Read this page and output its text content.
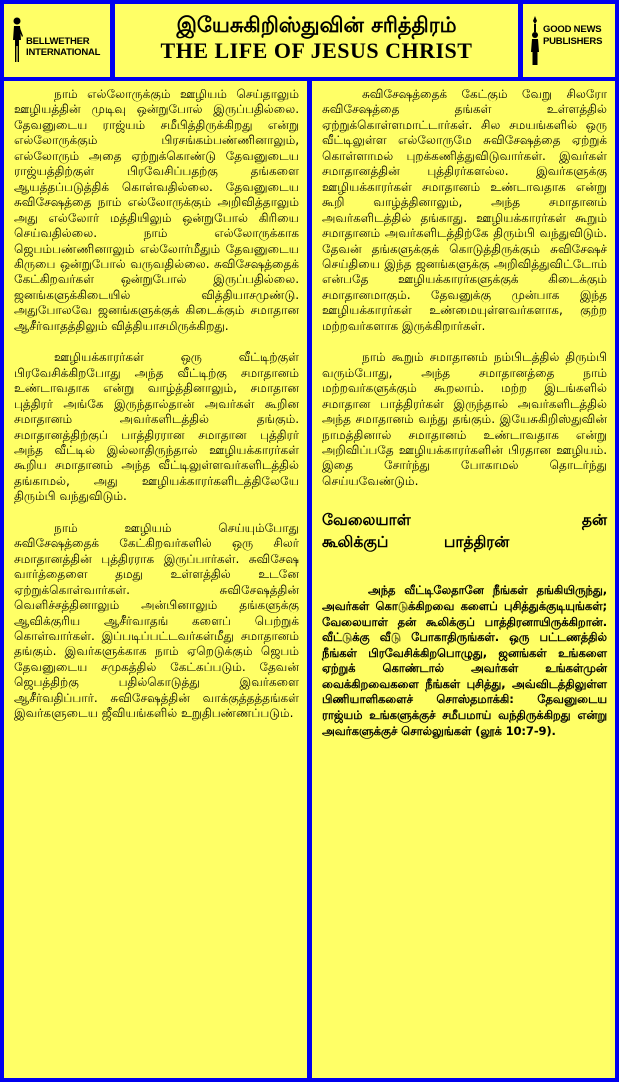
BELLWETHER
INTERNATIONAL
இயேசுகிறிஸ்துவின் சரித்திரம்
THE LIFE OF JESUS CHRIST
GOOD NEWS
PUBLISHERS

நாம் எல்லோருக்கும் ஊழியம் செய்தாலும் ஊழியத்தின் முடிவு ஒன்றுபோல் இருப்பதில்லை. தேவனுடைய ராஜ்யம் சமீபித்திருக்கிறது என்று எல்லோருக்கும் பிரசங்கம்பண்ணினாலும், எல்லோரும் அதை ஏற்றுக்கொண்டு தேவனுடைய ராஜ்யத்திற்குள் பிரவேசிப்பதற்கு தங்களை ஆயத்தப்படுத்திக் கொள்வதில்லை. தேவனுடைய சுவிசேஷத்தை நாம் எல்லோருக்கும் அறிவித்தாலும் அது எல்லோர் மத்தியிலும் ஒன்றுபோல் கிரியை செய்வதில்லை. நாம் எல்லோருக்காக ஜெபம்பண்ணினாலும் எல்லோர்மீதும் தேவனுடைய கிருபை ஒன்றுபோல் வருவதில்லை. சுவிசேஷத்தைக் கேட்கிறவர்கள் ஒன்றுபோல் இருப்பதில்லை. ஜனங்களுக்கிடையில் வித்தியாசமுண்டு. அதுபோலவே ஜனங்களுக்குக் கிடைக்கும் சமாதான ஆசீர்வாதத்திலும் வித்தியாசமிருக்கிறது.

ஊழியக்காரர்கள் ஒரு வீட்டிற்குள் பிரவேசிக்கிறபோது அந்த வீட்டிற்கு சமாதானம் உண்டாவதாக என்று வாழ்த்தினாலும், சமாதான புத்திரர் அங்கே இருந்தால்தான் அவர்கள் கூறின சமாதானம் அவர்களிடத்தில் தங்கும். சமாதானத்திற்குப் பாத்திரரான சமாதான புத்திரர் அந்த வீட்டில் இல்லாதிருந்தால் ஊழியக்காரர்கள் கூறிய சமாதானம் அந்த வீட்டிலுள்ளவர்களிடத்தில் தங்காமல், அது ஊழியக்காரர்களிடத்திலேயே திரும்பி வந்துவிடும்.

நாம் ஊழியம் செய்யும்போது சுவிசேஷத்தைக் கேட்கிறவர்களில் ஒரு சிலர் சமாதானத்தின் புத்திரராக இருப்பார்கள். சுவிசேஷ வார்த்தைளை தமது உள்ளத்தில் உடனே ஏற்றுக்கொள்வார்கள். சுவிசேஷத்தின் வெளிச்சத்தினாலும் அன்பினாலும் தங்களுக்கு ஆவிக்குரிய ஆசீர்வாதங் களைப் பெற்றுக் கொள்வார்கள். இப்படிப்பட்டவர்கள்மீது சமாதானம் தங்கும். இவர்களுக்காக நாம் ஏறெடுக்கும் ஜெபம் தேவனுடைய சமுகத்தில் கேட்கப்படும். தேவன் ஜெபத்திற்கு பதில்கொடுத்து இவர்களை ஆசீர்வதிப்பார். சுவிசேஷத்தின் வாக்குத்தத்தங்கள் இவர்களுடைய ஜீவியங்களில் உறுதிபண்ணப்படும்.

சுவிசேஷத்தைக் கேட்கும் வேறு சிலரோ சுவிசேஷத்தை தங்கள் உள்ளத்தில் ஏற்றுக்கொள்ளமாட்டார்கள். சில சமயங்களில் ஒரு வீட்டிலுள்ள எல்லோருமே சுவிசேஷத்தை ஏற்றுக் கொள்ளாமல் புறக்கணித்துவிடுவார்கள். இவர்கள் சமாதானத்தின் புத்திரர்களல்ல. இவர்களுக்கு ஊழியக்காரர்கள் சமாதானம் உண்டாவதாக என்று கூறி வாழ்த்தினாலும், அந்த சமாதானம் அவர்களிடத்தில் தங்காது. ஊழியக்காரர்கள் கூறும் சமாதானம் அவர்களிடத்திற்கே திரும்பி வந்துவிடும். தேவன் தங்களுக்குக் கொடுத்திருக்கும் சுவிசேஷச் செய்தியை இந்த ஜனங்களுக்கு அறிவித்துவிட்டோம் என்பதே ஊழியக்காரர்களுக்குக் கிடைக்கும் சமாதானமாகும். தேவனுக்கு முன்பாக இந்த ஊழியக்காரர்கள் உண்மையுள்ளவர்களாக, குற்ற மற்றவர்களாக இருக்கிறார்கள்.

நாம் கூறும் சமாதானம் நம்பிடத்தில் திரும்பி வரும்போது, அந்த சமாதானத்தை நாம் மற்றவர்களுக்கும் கூறலாம். மற்ற இடங்களில் சமாதான பாத்திரர்கள் இருந்தால் அவர்களிடத்தில் அந்த சமாதானம் வந்து தங்கும். இயேசுகிறிஸ்துவின் நாமத்தினால் சமாதானம் உண்டாவதாக என்று அறிவிப்பதே ஊழியக்காரர்களின் பிரதான ஊழியம். இதை சோர்ந்து போகாமல் தொடர்ந்து செய்யவேண்டும்.

வேலையாள் தன் கூலிக்குப் பாத்திரன்

அந்த வீட்டிலேதானே நீங்கள் தங்கியிருந்து, அவர்கள் கொடுக்கிறவை களைப் புசித்துக்குடியுங்கள்; வேலையாள் தன் கூலிக்குப் பாத்திரனாயிருக்கிறான். வீட்டுக்கு வீடு போகாதிருங்கள். ஒரு பட்டணத்தில் நீங்கள் பிரவேசிக்கிறபொழுது, ஜனங்கள் உங்களை ஏற்றுக் கொண்டால் அவர்கள் உங்கள்முன் வைக்கிறவைகளை நீங்கள் புசித்து, அவ்விடத்திலுள்ள பிணியாளிகளைச் சொஸ்தமாக்கி: தேவனுடைய ராஜ்யம் உங்களுக்குச் சமீபமாய் வந்திருக்கிறது என்று அவர்களுக்குச் சொல்லுங்கள் (லூக் 10:7-9).
